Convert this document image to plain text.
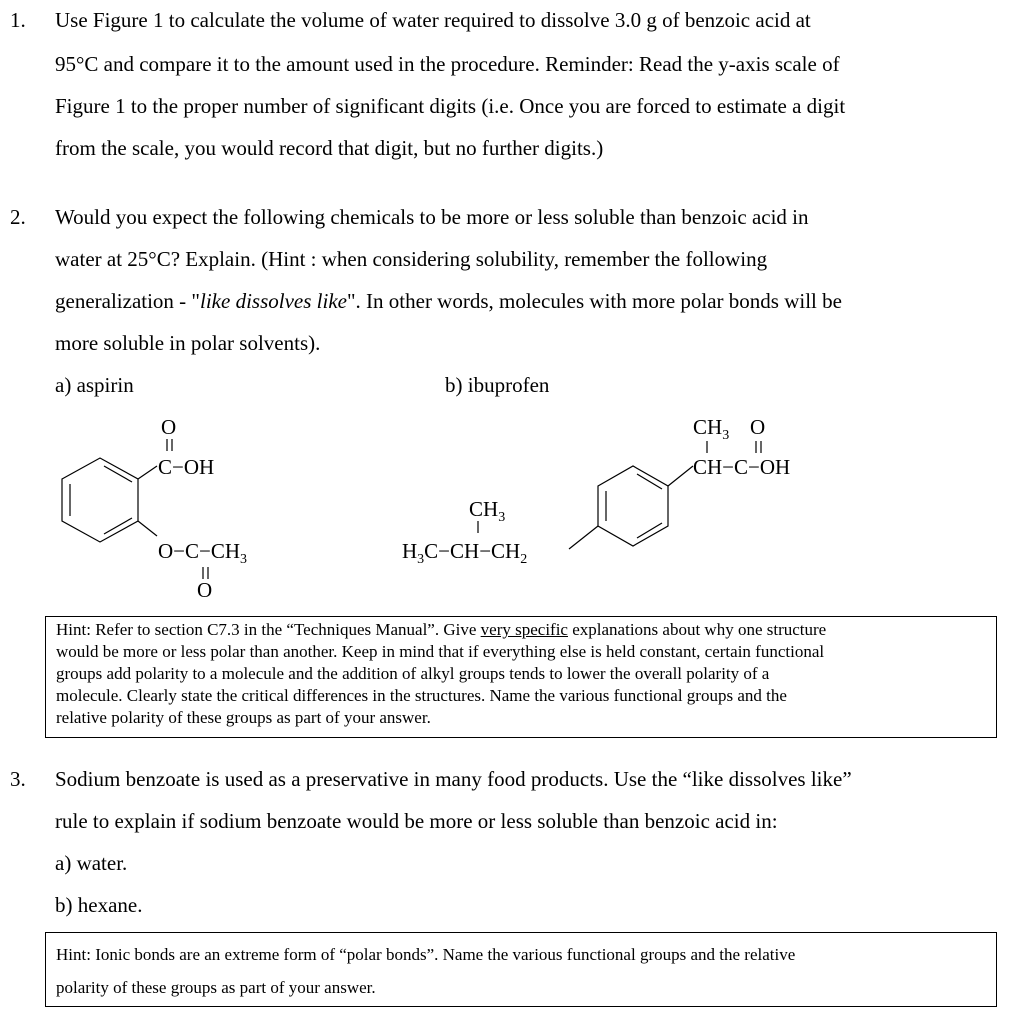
1. Use Figure 1 to calculate the volume of water required to dissolve 3.0 g of benzoic acid at
95°C and compare it to the amount used in the procedure. Reminder: Read the y-axis scale of
Figure 1 to the proper number of significant digits (i.e. Once you are forced to estimate a digit
from the scale, you would record that digit, but no further digits.)
2. Would you expect the following chemicals to be more or less soluble than benzoic acid in
water at 25°C? Explain. (Hint : when considering solubility, remember the following
generalization - "like dissolves like". In other words, molecules with more polar bonds will be
more soluble in polar solvents).
a) aspirin	b) ibuprofen
O
C−OH
$O-C-CH_3$
O
$CH_3$ O
CH−C−OH
$CH_3$
$H_3C-CH-CH_2$
Hint: Refer to section C7.3 in the “Techniques Manual”. Give very specific explanations about why one structure
would be more or less polar than another. Keep in mind that if everything else is held constant, certain functional
groups add polarity to a molecule and the addition of alkyl groups tends to lower the overall polarity of a
molecule. Clearly state the critical differences in the structures. Name the various functional groups and the
relative polarity of these groups as part of your answer.
3. Sodium benzoate is used as a preservative in many food products. Use the “like dissolves like”
rule to explain if sodium benzoate would be more or less soluble than benzoic acid in:
a) water.
b) hexane.
Hint: Ionic bonds are an extreme form of “polar bonds”. Name the various functional groups and the relative
polarity of these groups as part of your answer.
